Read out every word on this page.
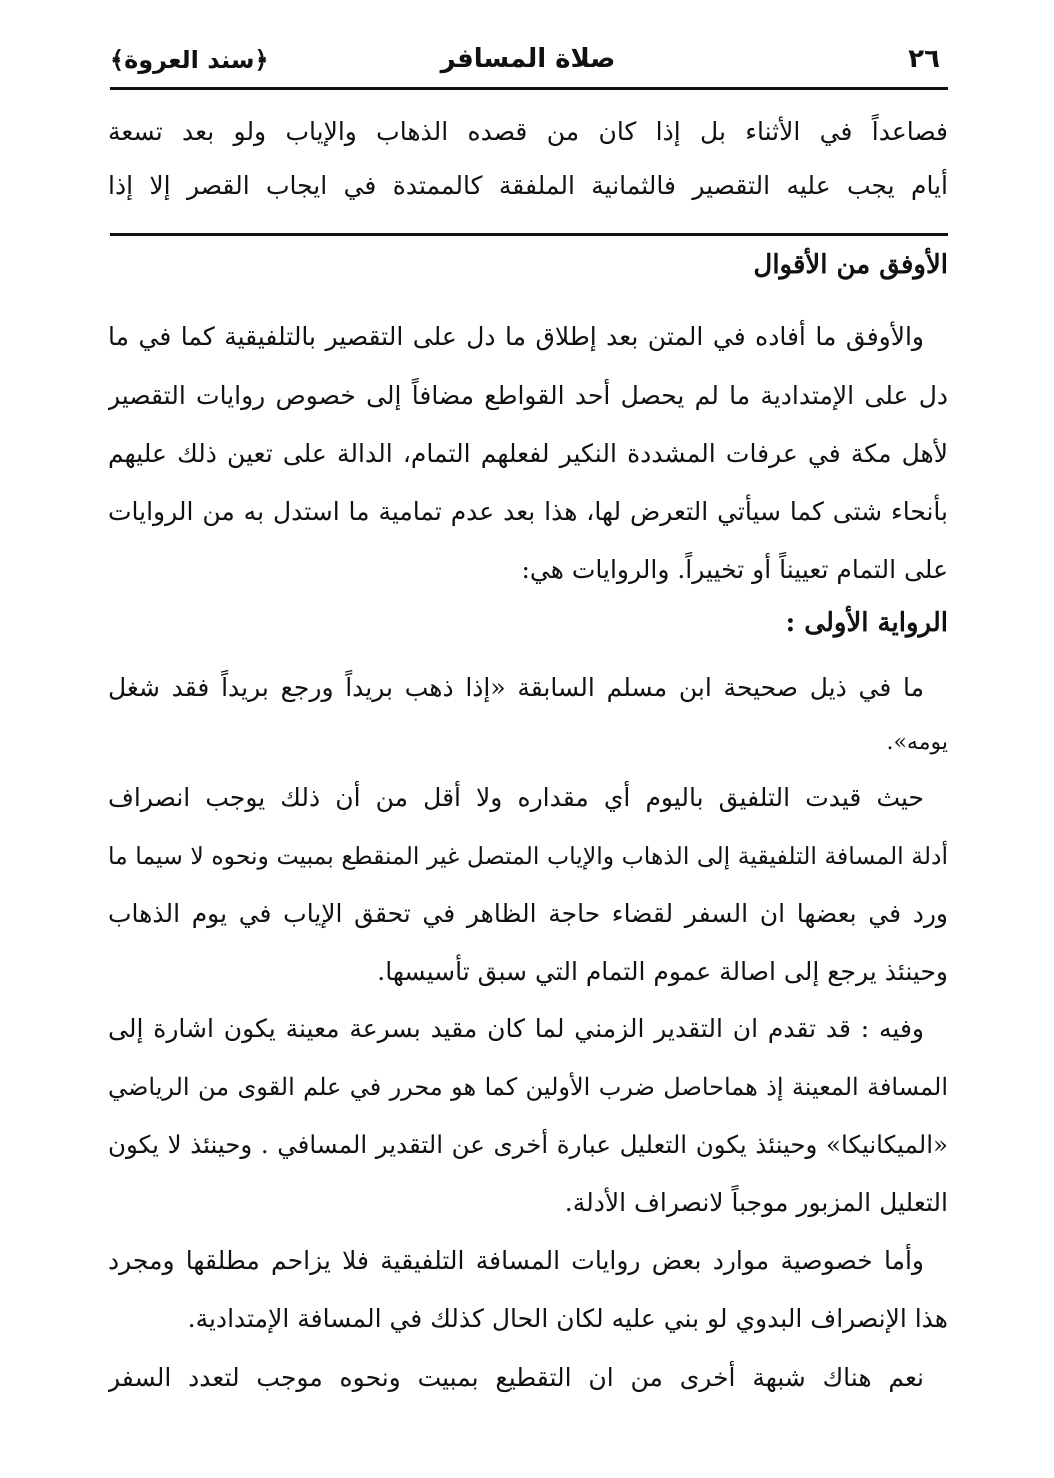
٢٦
صلاة المسافر
﴿سند العروة﴾
فصاعداً في الأثناء بل إذا كان من قصده الذهاب والإياب ولو بعد تسعة
أيام يجب عليه التقصير فالثمانية الملفقة كالممتدة في ايجاب القصر إلا إذا
الأوفق من الأقوال
والأوفق ما أفاده في المتن بعد إطلاق ما دل على التقصير بالتلفيقية كما في ما
دل على الإمتدادية ما لم يحصل أحد القواطع مضافاً إلى خصوص روايات التقصير
لأهل مكة في عرفات المشددة النكير لفعلهم التمام، الدالة على تعين ذلك عليهم
بأنحاء شتى كما سيأتي التعرض لها، هذا بعد عدم تمامية ما استدل به من الروايات
على التمام تعييناً أو تخييراً. والروايات هي:
الرواية الأولى :
ما في ذيل صحيحة ابن مسلم السابقة «إذا ذهب بريداً ورجع بريداً فقد شغل
يومه».
حيث قيدت التلفيق باليوم أي مقداره ولا أقل من أن ذلك يوجب انصراف
أدلة المسافة التلفيقية إلى الذهاب والإياب المتصل غير المنقطع بمبيت ونحوه لا سيما ما
ورد في بعضها ان السفر لقضاء حاجة الظاهر في تحقق الإياب في يوم الذهاب
وحينئذ يرجع إلى اصالة عموم التمام التي سبق تأسيسها.
وفيه : قد تقدم ان التقدير الزمني لما كان مقيد بسرعة معينة يكون اشارة إلى
المسافة المعينة إذ هماحاصل ضرب الأولين كما هو محرر في علم القوى من الرياضي
«الميكانيكا» وحينئذ يكون التعليل عبارة أخرى عن التقدير المسافي . وحينئذ لا يكون
التعليل المزبور موجباً لانصراف الأدلة.
وأما خصوصية موارد بعض روايات المسافة التلفيقية فلا يزاحم مطلقها ومجرد
هذا الإنصراف البدوي لو بني عليه لكان الحال كذلك في المسافة الإمتدادية.
نعم هناك شبهة أخرى من ان التقطيع بمبيت ونحوه موجب لتعدد السفر
